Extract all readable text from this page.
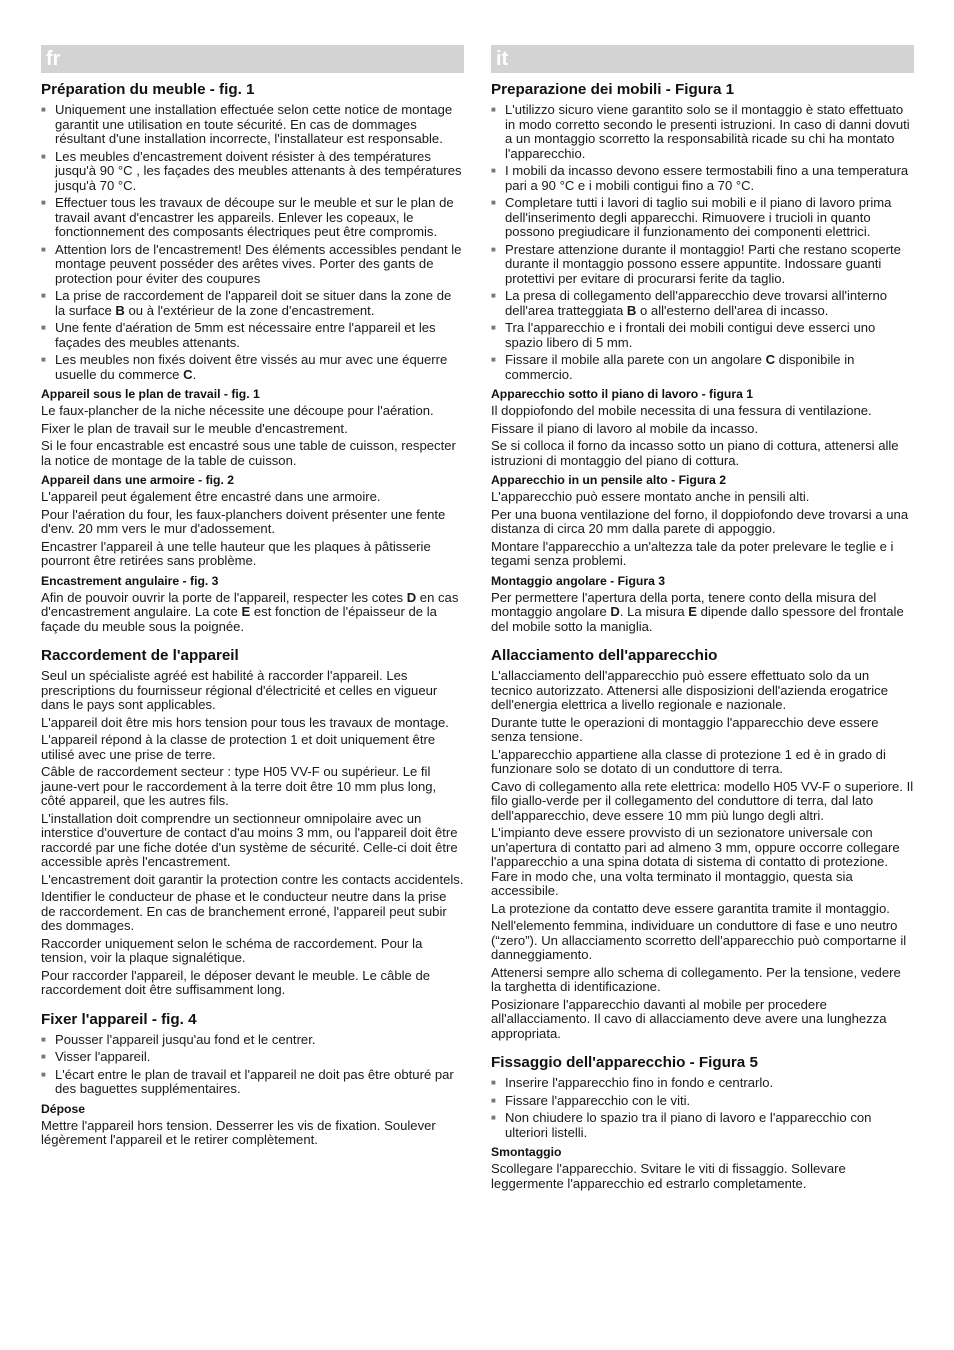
fr
Préparation du meuble - fig. 1
■ Uniquement une installation effectuée selon cette notice de montage garantit une utilisation en toute sécurité. En cas de dommages résultant d'une installation incorrecte, l'installateur est responsable.
■ Les meubles d'encastrement doivent résister à des températures jusqu'à 90 °C , les façades des meubles attenants à des températures jusqu'à 70 °C.
■ Effectuer tous les travaux de découpe sur le meuble et sur le plan de travail avant d'encastrer les appareils. Enlever les copeaux, le fonctionnement des composants électriques peut être compromis.
■ Attention lors de l'encastrement! Des éléments accessibles pendant le montage peuvent posséder des arêtes vives. Porter des gants de protection pour éviter des coupures
■ La prise de raccordement de l'appareil doit se situer dans la zone de la surface B ou à l'extérieur de la zone d'encastrement.
■ Une fente d'aération de 5mm est nécessaire entre l'appareil et les façades des meubles attenants.
■ Les meubles non fixés doivent être vissés au mur avec une équerre usuelle du commerce C.
Appareil sous le plan de travail - fig. 1

Le faux-plancher de la niche nécessite une découpe pour l'aération.

Fixer le plan de travail sur le meuble d'encastrement.

Si le four encastrable est encastré sous une table de cuisson, respecter la notice de montage de la table de cuisson.

Appareil dans une armoire - fig. 2

L'appareil peut également être encastré dans une armoire.

Pour l'aération du four, les faux-planchers doivent présenter une fente d'env. 20 mm vers le mur d'adossement.

Encastrer l'appareil à une telle hauteur que les plaques à pâtisserie pourront être retirées sans problème.

Encastrement angulaire - fig. 3

Afin de pouvoir ouvrir la porte de l'appareil, respecter les cotes D en cas d'encastrement angulaire. La cote E est fonction de l'épaisseur de la façade du meuble sous la poignée.

Raccordement de l'appareil

Seul un spécialiste agréé est habilité à raccorder l'appareil. Les prescriptions du fournisseur régional d'électricité et celles en vigueur dans le pays sont applicables.

L'appareil doit être mis hors tension pour tous les travaux de montage.

L'appareil répond à la classe de protection 1 et doit uniquement être utilisé avec une prise de terre.

Câble de raccordement secteur : type H05 VV-F ou supérieur. Le fil jaune-vert pour le raccordement à la terre doit être 10 mm plus long, côté appareil, que les autres fils.

L'installation doit comprendre un sectionneur omnipolaire avec un interstice d'ouverture de contact d'au moins 3 mm, ou l'appareil doit être raccordé par une fiche dotée d'un système de sécurité. Celle-ci doit être accessible après l'encastrement.

L'encastrement doit garantir la protection contre les contacts accidentels.

Identifier le conducteur de phase et le conducteur neutre dans la prise de raccordement. En cas de branchement erroné, l'appareil peut subir des dommages.

Raccorder uniquement selon le schéma de raccordement. Pour la tension, voir la plaque signalétique.

Pour raccorder l'appareil, le déposer devant le meuble. Le câble de raccordement doit être suffisamment long.

Fixer l'appareil - fig. 4
■ Pousser l'appareil jusqu'au fond et le centrer.
■ Visser l'appareil.
■ L'écart entre le plan de travail et l'appareil ne doit pas être obturé par des baguettes supplémentaires.
Dépose

Mettre l'appareil hors tension. Desserrer les vis de fixation. Soulever légèrement l'appareil et le retirer complètement.

it
Preparazione dei mobili - Figura 1
■ L'utilizzo sicuro viene garantito solo se il montaggio è stato effettuato in modo corretto secondo le presenti istruzioni. In caso di danni dovuti a un montaggio scorretto la responsabilità ricade su chi ha montato l'apparecchio.
■ I mobili da incasso devono essere termostabili fino a una temperatura pari a 90 °C e i mobili contigui fino a 70 °C.
■ Completare tutti i lavori di taglio sui mobili e il piano di lavoro prima dell'inserimento degli apparecchi. Rimuovere i trucioli in quanto possono pregiudicare il funzionamento dei componenti elettrici.
■ Prestare attenzione durante il montaggio! Parti che restano scoperte durante il montaggio possono essere appuntite. Indossare guanti protettivi per evitare di procurarsi ferite da taglio.
■ La presa di collegamento dell'apparecchio deve trovarsi all'interno dell'area tratteggiata B o all'esterno dell'area di incasso.
■ Tra l'apparecchio e i frontali dei mobili contigui deve esserci uno spazio libero di 5 mm.
■ Fissare il mobile alla parete con un angolare C disponibile in commercio.
Apparecchio sotto il piano di lavoro - figura 1

Il doppiofondo del mobile necessita di una fessura di ventilazione.

Fissare il piano di lavoro al mobile da incasso.

Se si colloca il forno da incasso sotto un piano di cottura, attenersi alle istruzioni di montaggio del piano di cottura.

Apparecchio in un pensile alto - Figura 2

L'apparecchio può essere montato anche in pensili alti.

Per una buona ventilazione del forno, il doppiofondo deve trovarsi a una distanza di circa 20 mm dalla parete di appoggio.

Montare l'apparecchio a un'altezza tale da poter prelevare le teglie e i tegami senza problemi.

Montaggio angolare - Figura 3

Per permettere l'apertura della porta, tenere conto della misura del montaggio angolare D. La misura E dipende dallo spessore del frontale del mobile sotto la maniglia.

Allacciamento dell'apparecchio

L'allacciamento dell'apparecchio può essere effettuato solo da un tecnico autorizzato. Attenersi alle disposizioni dell'azienda erogatrice dell'energia elettrica a livello regionale e nazionale.

Durante tutte le operazioni di montaggio l'apparecchio deve essere senza tensione.

L'apparecchio appartiene alla classe di protezione 1 ed è in grado di funzionare solo se dotato di un conduttore di terra.

Cavo di collegamento alla rete elettrica: modello H05 VV-F o superiore. Il filo giallo-verde per il collegamento del conduttore di terra, dal lato dell'apparecchio, deve essere 10 mm più lungo degli altri.

L'impianto deve essere provvisto di un sezionatore universale con un'apertura di contatto pari ad almeno 3 mm, oppure occorre collegare l'apparecchio a una spina dotata di sistema di contatto di protezione. Fare in modo che, una volta terminato il montaggio, questa sia accessibile.

La protezione da contatto deve essere garantita tramite il montaggio.

Nell'elemento femmina, individuare un conduttore di fase e uno neutro (“zero”). Un allacciamento scorretto dell'apparecchio può comportarne il danneggiamento.

Attenersi sempre allo schema di collegamento. Per la tensione, vedere la targhetta di identificazione.

Posizionare l'apparecchio davanti al mobile per procedere all'allacciamento. Il cavo di allacciamento deve avere una lunghezza appropriata.

Fissaggio dell'apparecchio - Figura 5
■ Inserire l'apparecchio fino in fondo e centrarlo.
■ Fissare l'apparecchio con le viti.
■ Non chiudere lo spazio tra il piano di lavoro e l'apparecchio con ulteriori listelli.
Smontaggio

Scollegare l'apparecchio. Svitare le viti di fissaggio. Sollevare leggermente l'apparecchio ed estrarlo completamente.
